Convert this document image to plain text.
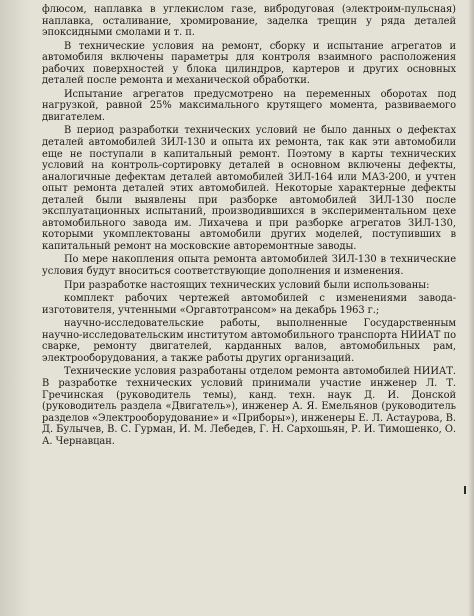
флюсом, наплавка в углекислом газе, вибродуговая (электроим-пульсная) наплавка, осталивание, хромирование, заделка трещин у ряда деталей эпоксидными смолами и т. п.

В технические условия на ремонт, сборку и испытание агрегатов и автомобиля включены параметры для контроля взаимного расположения рабочих поверхностей у блока цилиндров, картеров и других основных деталей после ремонта и механической обработки.

Испытание агрегатов предусмотрено на переменных оборотах под нагрузкой, равной 25% максимального крутящего момента, развиваемого двигателем.

В период разработки технических условий не было данных о дефектах деталей автомобилей ЗИЛ-130 и опыта их ремонта, так как эти автомобили еще не поступали в капитальный ремонт. Поэтому в карты технических условий на контроль-сортировку деталей в основном включены дефекты, аналогичные дефектам деталей автомобилей ЗИЛ-164 или МАЗ-200, и учтен опыт ремонта деталей этих автомобилей. Некоторые характерные дефекты деталей были выявлены при разборке автомобилей ЗИЛ-130 после эксплуатационных испытаний, производившихся в экспериментальном цехе автомобильного завода им. Лихачева и при разборке агрегатов ЗИЛ-130, которыми укомплектованы автомобили других моделей, поступивших в капитальный ремонт на московские авторемонтные заводы.

По мере накопления опыта ремонта автомобилей ЗИЛ-130 в технические условия будут вноситься соответствующие дополнения и изменения.

При разработке настоящих технических условий были использованы:

комплект рабочих чертежей автомобилей с изменениями завода-изготовителя, учтенными «Оргавтотрансом» на декабрь 1963 г.;

научно-исследовательские работы, выполненные Государственным научно-исследовательским институтом автомобильного транспорта НИИАТ по сварке, ремонту двигателей, карданных валов, автомобильных рам, электрооборудования, а также работы других организаций.

Технические условия разработаны отделом ремонта автомобилей НИИАТ. В разработке технических условий принимали участие инженер Л. Т. Гречинская (руководитель темы), канд. техн. наук Д. И. Донской (руководитель раздела «Двигатель»), инженер А. Я. Емельянов (руководитель разделов «Электрооборудование» и «Приборы»), инженеры Е. Л. Астаурова, В. Д. Булычев, В. С. Гурман, И. М. Лебедев, Г. Н. Сархошьян, Р. И. Тимошенко, О. А. Чернавцан.
